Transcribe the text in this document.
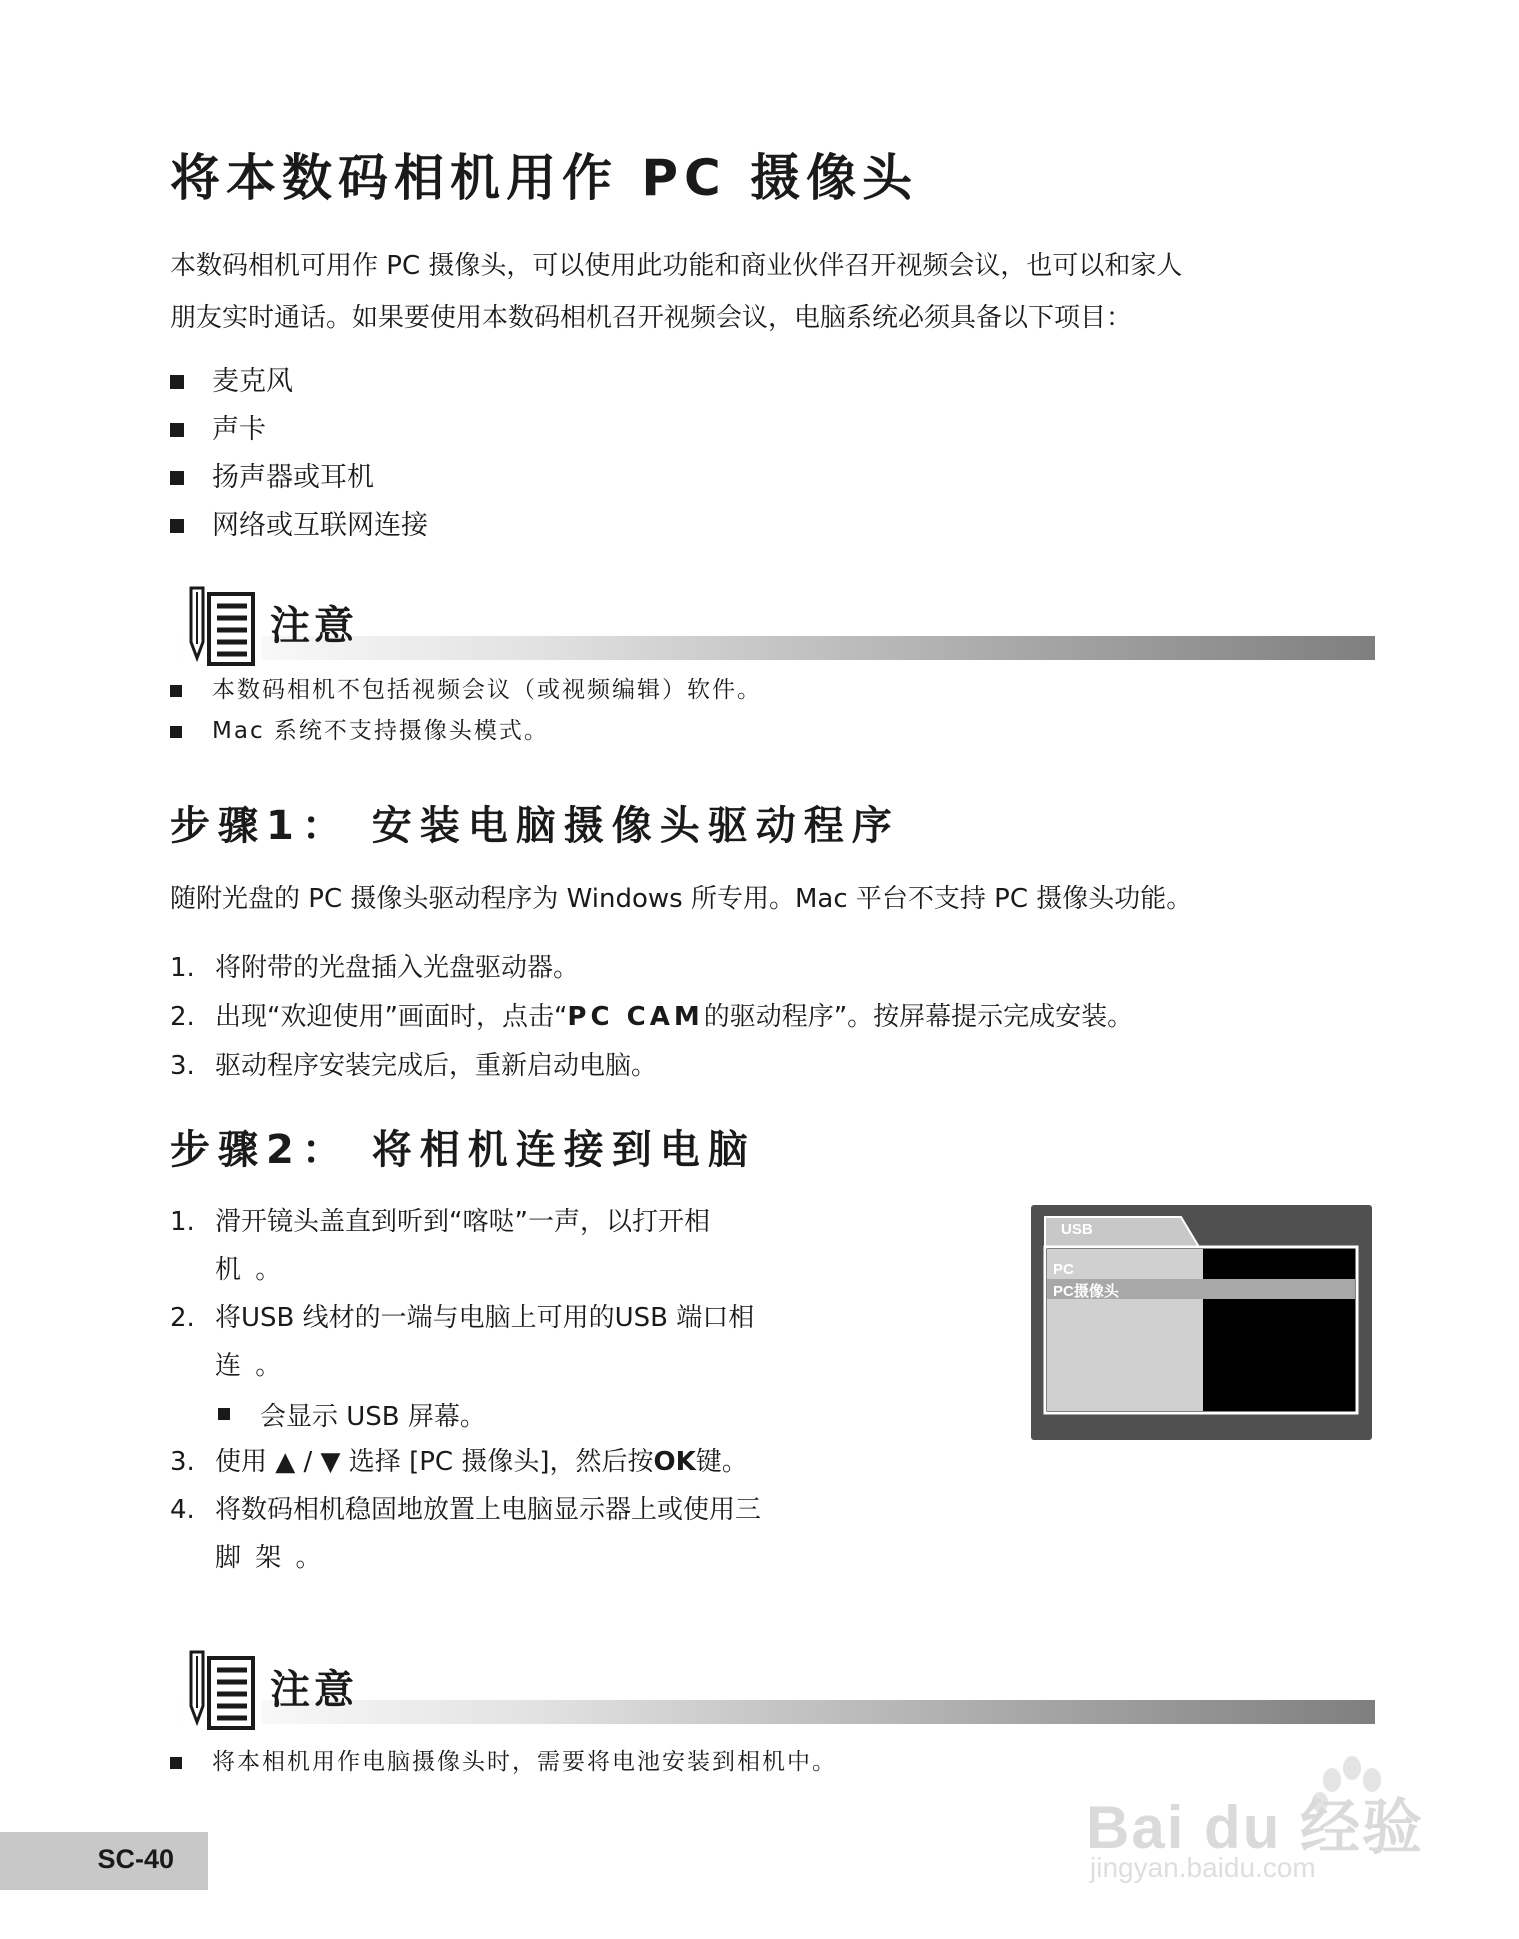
将本数码相机用作 PC 摄像头
本数码相机可用作 PC 摄像头，可以使用此功能和商业伙伴召开视频会议，也可以和家人
朋友实时通话。如果要使用本数码相机召开视频会议，电脑系统必须具备以下项目：
麦克风
声卡
扬声器或耳机
网络或互联网连接
注意
本数码相机不包括视频会议（或视频编辑）软件。
Mac 系统不支持摄像头模式。
步骤1： 安装电脑摄像头驱动程序
随附光盘的 PC 摄像头驱动程序为 Windows 所专用。Mac 平台不支持 PC 摄像头功能。
1. 将附带的光盘插入光盘驱动器。
2. 出现“欢迎使用”画面时，点击“ PC CAM 的驱动程序”。按屏幕提示完成安装。
3. 驱动程序安装完成后，重新启动电脑。
步骤2： 将相机连接到电脑
1. 滑开镜头盖直到听到“喀哒”一声，以打开相
机 。
2. 将USB 线材的一端与电脑上可用的USB 端口相
连 。
会显示 USB 屏幕。
3. 使用 ▲ / ▼ 选择 [PC 摄像头]，然后按 OK 键。
4. 将数码相机稳固地放置上电脑显示器上或使用三
脚 架 。
USB
PC
PC摄像头
注意
将本相机用作电脑摄像头时，需要将电池安装到相机中。
SC-40	Bai du 经验
jingyan.baidu.com
